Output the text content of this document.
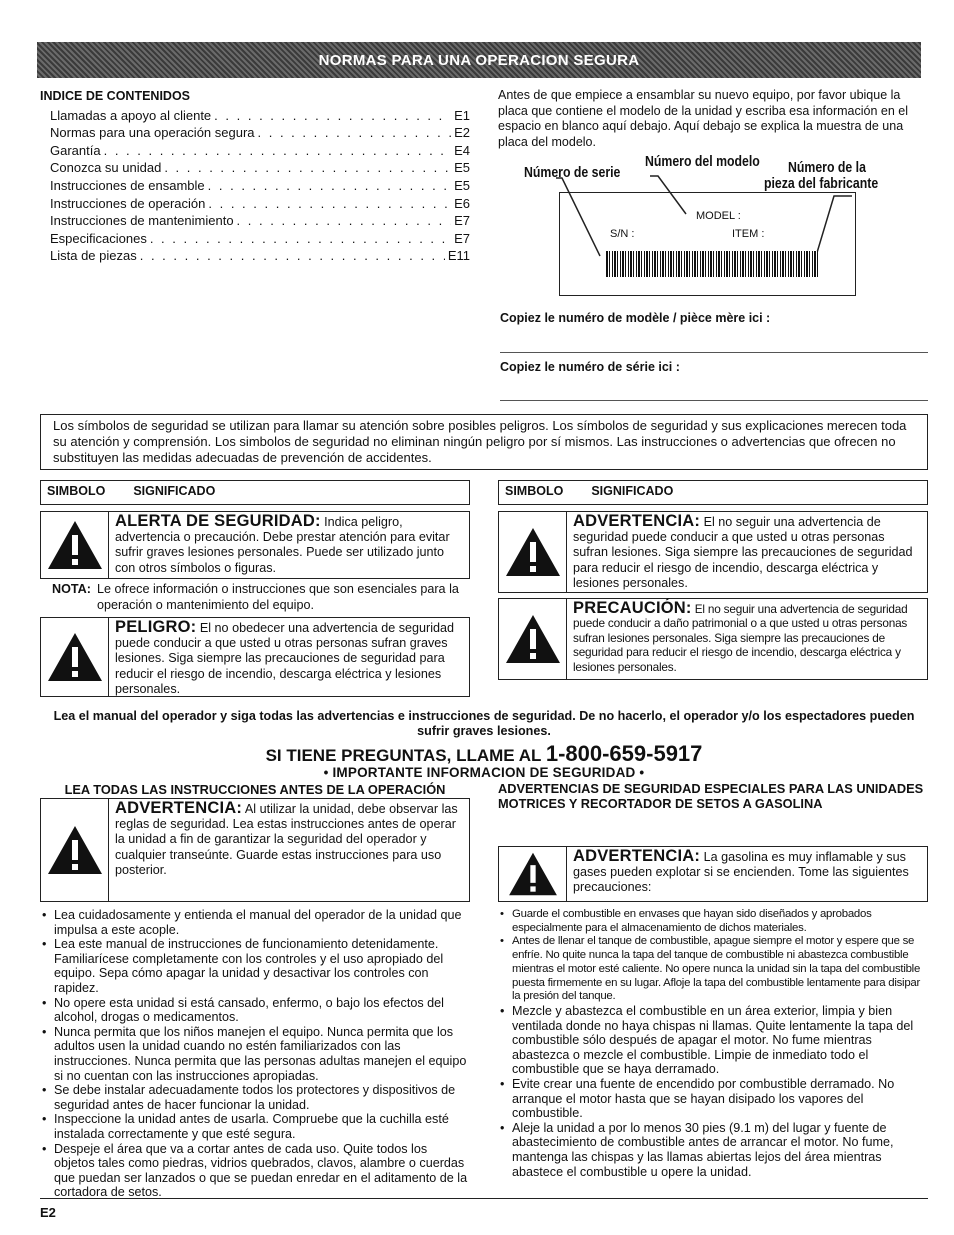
NORMAS PARA UNA OPERACION SEGURA
INDICE DE CONTENIDOS
Llamadas a apoyo al cliente . . .	E1
Normas para una operación segura . . .	E2
Garantía . . .	E4
Conozca su unidad . . .	E5
Instrucciones de ensamble . . .	E5
Instrucciones de operación . . .	E6
Instrucciones de mantenimiento . . .	E7
Especificaciones . . .	E7
Lista de piezas . . .	E11
Antes de que empiece a ensamblar su nuevo equipo, por favor ubique la placa que contiene el modelo de la unidad y escriba esa información en el espacio en blanco aquí debajo. Aquí debajo se explica la muestra de una placa del modelo.
Número de serie
Número del modelo Número de la
pieza del fabricante
MODEL :
S/N :	ITEM :
Copiez le numéro de modèle / pièce mère ici :
Copiez le numéro de série ici :
Los símbolos de seguridad se utilizan para llamar su atención sobre posibles peligros. Los símbolos de seguridad y sus explicaciones merecen toda su atención y comprensión. Los simbolos de seguridad no eliminan ningún peligro por sí mismos. Las instrucciones o advertencias que ofrecen no substituyen las medidas adecuadas de prevención de accidentes.
SIMBOLO SIGNIFICADO
ALERTA DE SEGURIDAD: Indica peligro, advertencia o precaución. Debe prestar atención para evitar sufrir graves lesiones personales. Puede ser utilizado junto con otros símbolos o figuras.
NOTA: Le ofrece información o instrucciones que son esenciales para la operación o mantenimiento del equipo.
PELIGRO: El no obedecer una advertencia de seguridad puede conducir a que usted u otras personas sufran graves lesiones. Siga siempre las precauciones de seguridad para reducir el riesgo de incendio, descarga eléctrica y lesiones personales.
SIMBOLO SIGNIFICADO
ADVERTENCIA: El no seguir una advertencia de seguridad puede conducir a que usted u otras personas sufran lesiones. Siga siempre las precauciones de seguridad para reducir el riesgo de incendio, descarga eléctrica y lesiones personales.
PRECAUCIÓN: El no seguir una advertencia de seguridad puede conducir a daño patrimonial o a que usted u otras personas sufran lesiones personales. Siga siempre las precauciones de seguridad para reducir el riesgo de incendio, descarga eléctrica y lesiones personales.
Lea el manual del operador y siga todas las advertencias e instrucciones de seguridad. De no hacerlo, el operador y/o los espectadores pueden sufrir graves lesiones.
SI TIENE PREGUNTAS, LLAME AL 1-800-659-5917
• IMPORTANTE INFORMACION DE SEGURIDAD •
LEA TODAS LAS INSTRUCCIONES ANTES DE LA OPERACIÓN
ADVERTENCIA: Al utilizar la unidad, debe observar las reglas de seguridad. Lea estas instrucciones antes de operar la unidad a fin de garantizar la seguridad del operador y cualquier transeúnte. Guarde estas instrucciones para uso posterior.
• Lea cuidadosamente y entienda el manual del operador de la unidad que impulsa a este acople.
• Lea este manual de instrucciones de funcionamiento detenidamente. Familiarícese completamente con los controles y el uso apropiado del equipo. Sepa cómo apagar la unidad y desactivar los controles con rapidez.
• No opere esta unidad si está cansado, enfermo, o bajo los efectos del alcohol, drogas o medicamentos.
• Nunca permita que los niños manejen el equipo. Nunca permita que los adultos usen la unidad cuando no estén familiarizados con las instrucciones. Nunca permita que las personas adultas manejen el equipo si no cuentan con las instrucciones apropiadas.
• Se debe instalar adecuadamente todos los protectores y dispositivos de seguridad antes de hacer funcionar la unidad.
• Inspeccione la unidad antes de usarla. Compruebe que la cuchilla esté instalada correctamente y que esté segura.
• Despeje el área que va a cortar antes de cada uso. Quite todos los objetos tales como piedras, vidrios quebrados, clavos, alambre o cuerdas que puedan ser lanzados o que se puedan enredar en el aditamento de la cortadora de setos.
ADVERTENCIAS DE SEGURIDAD ESPECIALES PARA LAS UNIDADES MOTRICES Y RECORTADOR DE SETOS A GASOLINA
ADVERTENCIA: La gasolina es muy inflamable y sus gases pueden explotar si se encienden. Tome las siguientes precauciones:
• Guarde el combustible en envases que hayan sido diseñados y aprobados especialmente para el almacenamiento de dichos materiales.
• Antes de llenar el tanque de combustible, apague siempre el motor y espere que se enfríe. No quite nunca la tapa del tanque de combustible ni abastezca combustible mientras el motor esté caliente. No opere nunca la unidad sin la tapa del combustible puesta firmemente en su lugar. Afloje la tapa del combustible lentamente para disipar la presión del tanque.
• Mezcle y abastezca el combustible en un área exterior, limpia y bien ventilada donde no haya chispas ni llamas. Quite lentamente la tapa del combustible sólo después de apagar el motor. No fume mientras abastezca o mezcle el combustible. Limpie de inmediato todo el combustible que se haya derramado.
• Evite crear una fuente de encendido por combustible derramado. No arranque el motor hasta que se hayan disipado los vapores del combustible.
• Aleje la unidad a por lo menos 30 pies (9.1 m) del lugar y fuente de abastecimiento de combustible antes de arrancar el motor. No fume, mantenga las chispas y las llamas abiertas lejos del área mientras abastece el combustible u opere la unidad.
E2
